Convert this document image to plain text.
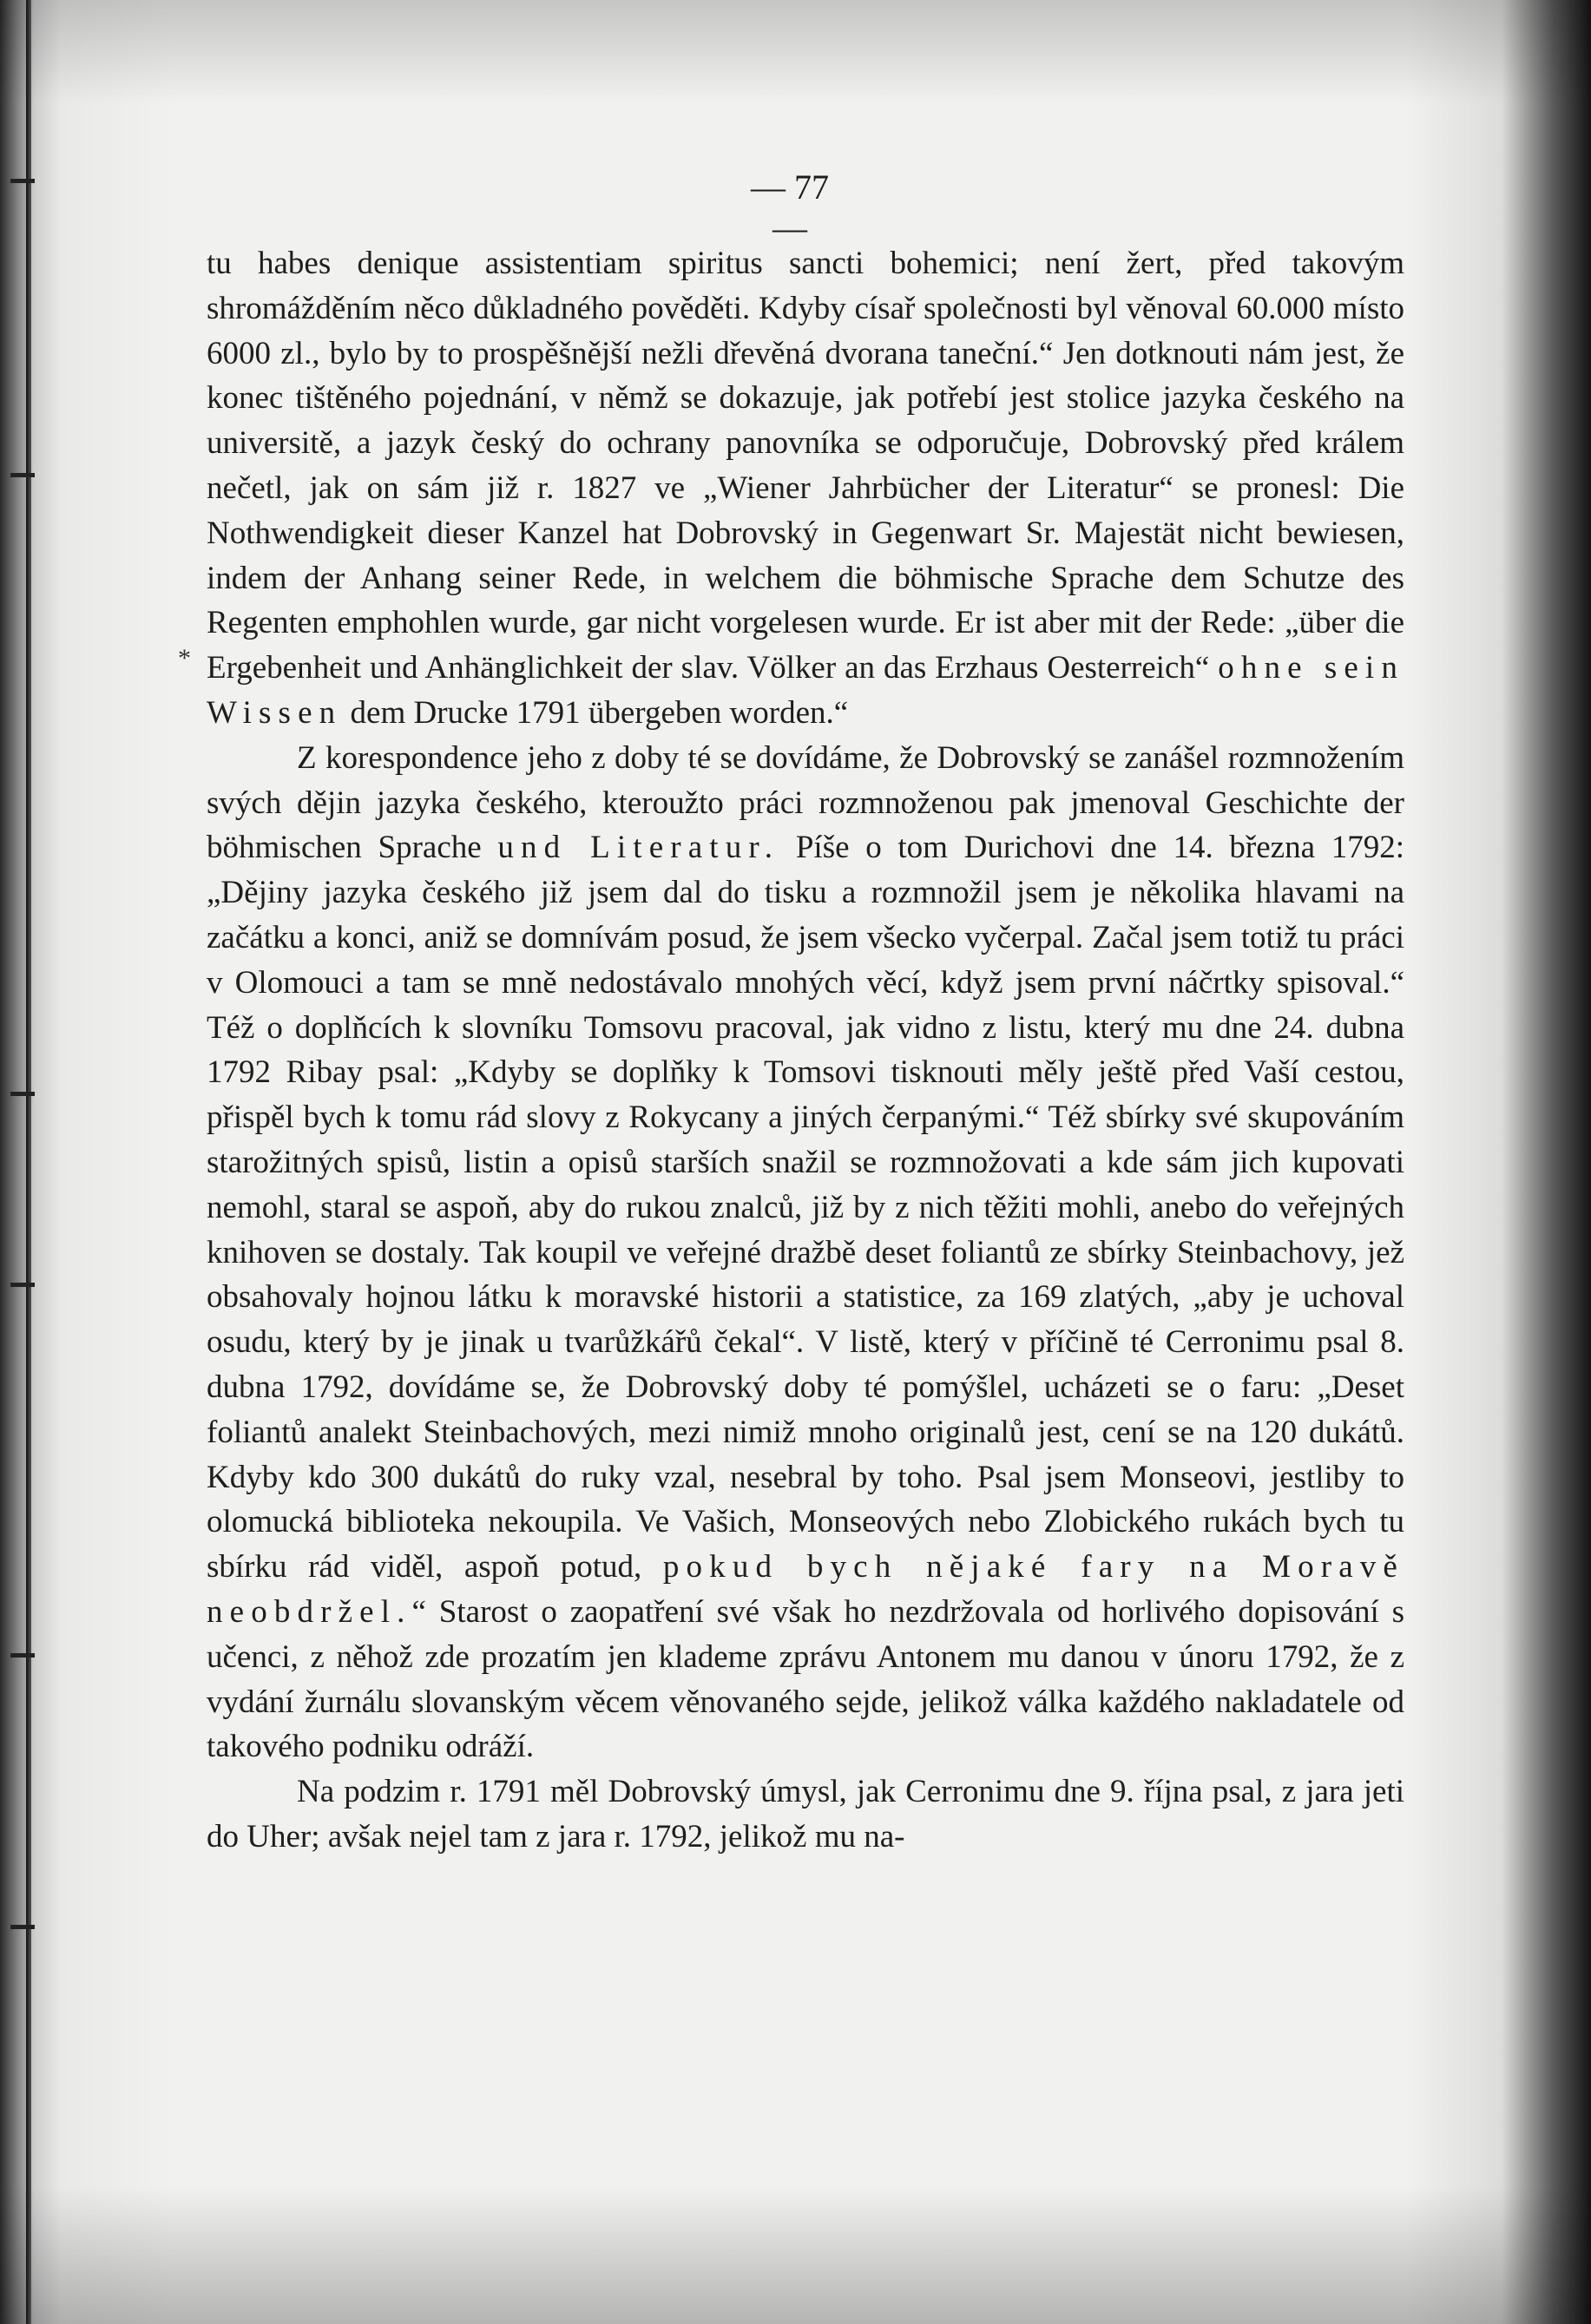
*
— 77 —

tu habes denique assistentiam spiritus sancti bohemici; není žert, před takovým shromážděním něco důkladného pověděti. Kdyby císař společnosti byl věnoval 60.000 místo 6000 zl., bylo by to prospěšnější nežli dřevěná dvorana taneční.“ Jen dotknouti nám jest, že konec tištěného pojednání, v němž se dokazuje, jak potřebí jest stolice jazyka českého na universitě, a jazyk český do ochrany panovníka se odporučuje, Dobrovský před králem nečetl, jak on sám již r. 1827 ve „Wiener Jahrbücher der Literatur“ se pronesl: Die Nothwendigkeit dieser Kanzel hat Dobrovský in Gegenwart Sr. Majestät nicht bewiesen, indem der Anhang seiner Rede, in welchem die böhmische Sprache dem Schutze des Regenten emphohlen wurde, gar nicht vorgelesen wurde. Er ist aber mit der Rede: „über die Ergebenheit und Anhänglichkeit der slav. Völker an das Erzhaus Oesterreich“ ohne sein Wissen dem Drucke 1791 übergeben worden.“

Z korespondence jeho z doby té se dovídáme, že Dobrovský se zanášel rozmnožením svých dějin jazyka českého, kteroužto práci rozmnoženou pak jmenoval Geschichte der böhmischen Sprache und Literatur. Píše o tom Durichovi dne 14. března 1792: „Dějiny jazyka českého již jsem dal do tisku a rozmnožil jsem je několika hlavami na začátku a konci, aniž se domnívám posud, že jsem všecko vyčerpal. Začal jsem totiž tu práci v Olomouci a tam se mně nedostávalo mnohých věcí, když jsem první náčrtky spisoval.“ Též o doplňcích k slovníku Tomsovu pracoval, jak vidno z listu, který mu dne 24. dubna 1792 Ribay psal: „Kdyby se doplňky k Tomsovi tisknouti měly ještě před Vaší cestou, přispěl bych k tomu rád slovy z Rokycany a jiných čerpanými.“ Též sbírky své skupováním starožitných spisů, listin a opisů starších snažil se rozmnožovati a kde sám jich kupovati nemohl, staral se aspoň, aby do rukou znalců, již by z nich těžiti mohli, anebo do veřejných knihoven se dostaly. Tak koupil ve veřejné dražbě deset foliantů ze sbírky Steinbachovy, jež obsahovaly hojnou látku k moravské historii a statistice, za 169 zlatých, „aby je uchoval osudu, který by je jinak u tvarůžkářů čekal“. V listě, který v příčině té Cerronimu psal 8. dubna 1792, dovídáme se, že Dobrovský doby té pomýšlel, ucházeti se o faru: „Deset foliantů analekt Steinbachových, mezi nimiž mnoho originalů jest, cení se na 120 dukátů. Kdyby kdo 300 dukátů do ruky vzal, nesebral by toho. Psal jsem Monseovi, jestliby to olomucká biblioteka nekoupila. Ve Vašich, Monseových nebo Zlobického rukách bych tu sbírku rád viděl, aspoň potud, pokud bych nějaké fary na Moravě neobdržel.“ Starost o zaopatření své však ho nezdržovala od horlivého dopisování s učenci, z něhož zde prozatím jen klademe zprávu Antonem mu danou v únoru 1792, že z vydání žurnálu slovanským věcem věnovaného sejde, jelikož válka každého nakladatele od takového podniku odráží.

Na podzim r. 1791 měl Dobrovský úmysl, jak Cerronimu dne 9. října psal, z jara jeti do Uher; avšak nejel tam z jara r. 1792, jelikož mu na-
